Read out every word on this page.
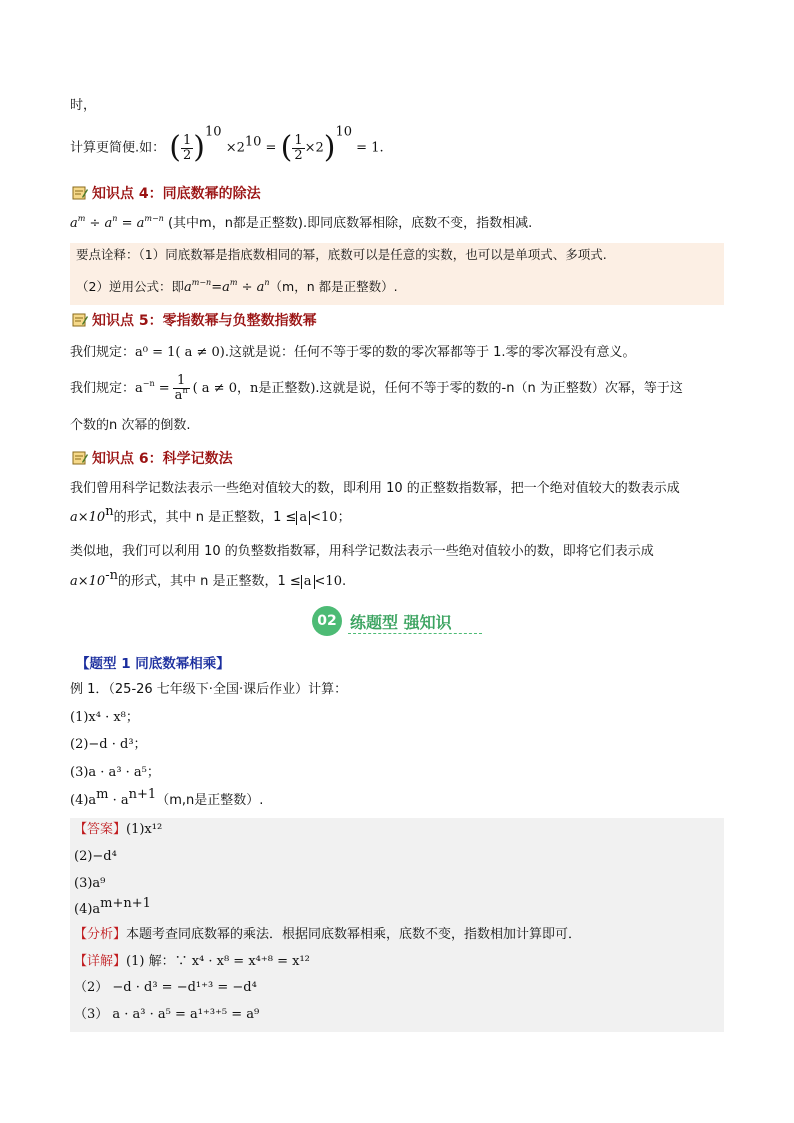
时，
计算更简便.如： ( $\frac{1}{2} )^{10} \times 2^{10}$ = ( $\frac{1}{2} \times 2)^{10} = 1$.
知识点 4：同底数幂的除法
$a^m \div a^n = a^{m-n}$ (其中m，n都是正整数).即同底数幂相除，底数不变，指数相减.
要点诠释：（1）同底数幂是指底数相同的幂，底数可以是任意的实数，也可以是单项式、多项式.
（2）逆用公式：即$a^{m-n}=a^m \div a^n(m$，n 都是正整数）.
知识点 5：零指数幂与负整数指数幂
我们规定：a⁰ = 1( a ≠ 0).这就是说：任何不等于零的数的零次幂都等于 1.零的零次幂没有意义。
我们规定：$a^{-n} = \frac{1}{a^n}$ ( a ≠ 0，n是正整数).这就是说，任何不等于零的数的-n（n 为正整数）次幂，等于这
个数的n 次幂的倒数.
知识点 6：科学记数法
我们曾用科学记数法表示一些绝对值较大的数，即利用 10 的正整数指数幂，把一个绝对值较大的数表示成
$a\times 10^n$的形式，其中 n 是正整数，1 ≤ a <10；
类似地，我们可以利用 10 的负整数指数幂，用科学记数法表示一些绝对值较小的数，即将它们表示成
$a\times 10^{-n}$的形式，其中 n 是正整数，1 ≤ a <10.
02 练题型 强知识
【题型 1 同底数幂相乘】
例 1．（25-26 七年级下·全国·课后作业）计算：
(1)x⁴ · x⁸；
(2)−d · d³；
(3)a · a³ · a⁵；
$(4)a^m \cdot a^{n+1}(m,n$是正整数）.
【答案】(1)x¹²
(2)−d⁴
(3)a⁹
$(4)a^{m+n+1}$
【分析】本题考查同底数幂的乘法．根据同底数幂相乘，底数不变，指数相加计算即可．
【详解】(1) 解：∵ x⁴ · x⁸ = x⁴⁺⁸ = x¹²
（2） −d · d³ = −d¹⁺³ = −d⁴
（3） a · a³ · a⁵ = a¹⁺³⁺⁵ = a⁹
